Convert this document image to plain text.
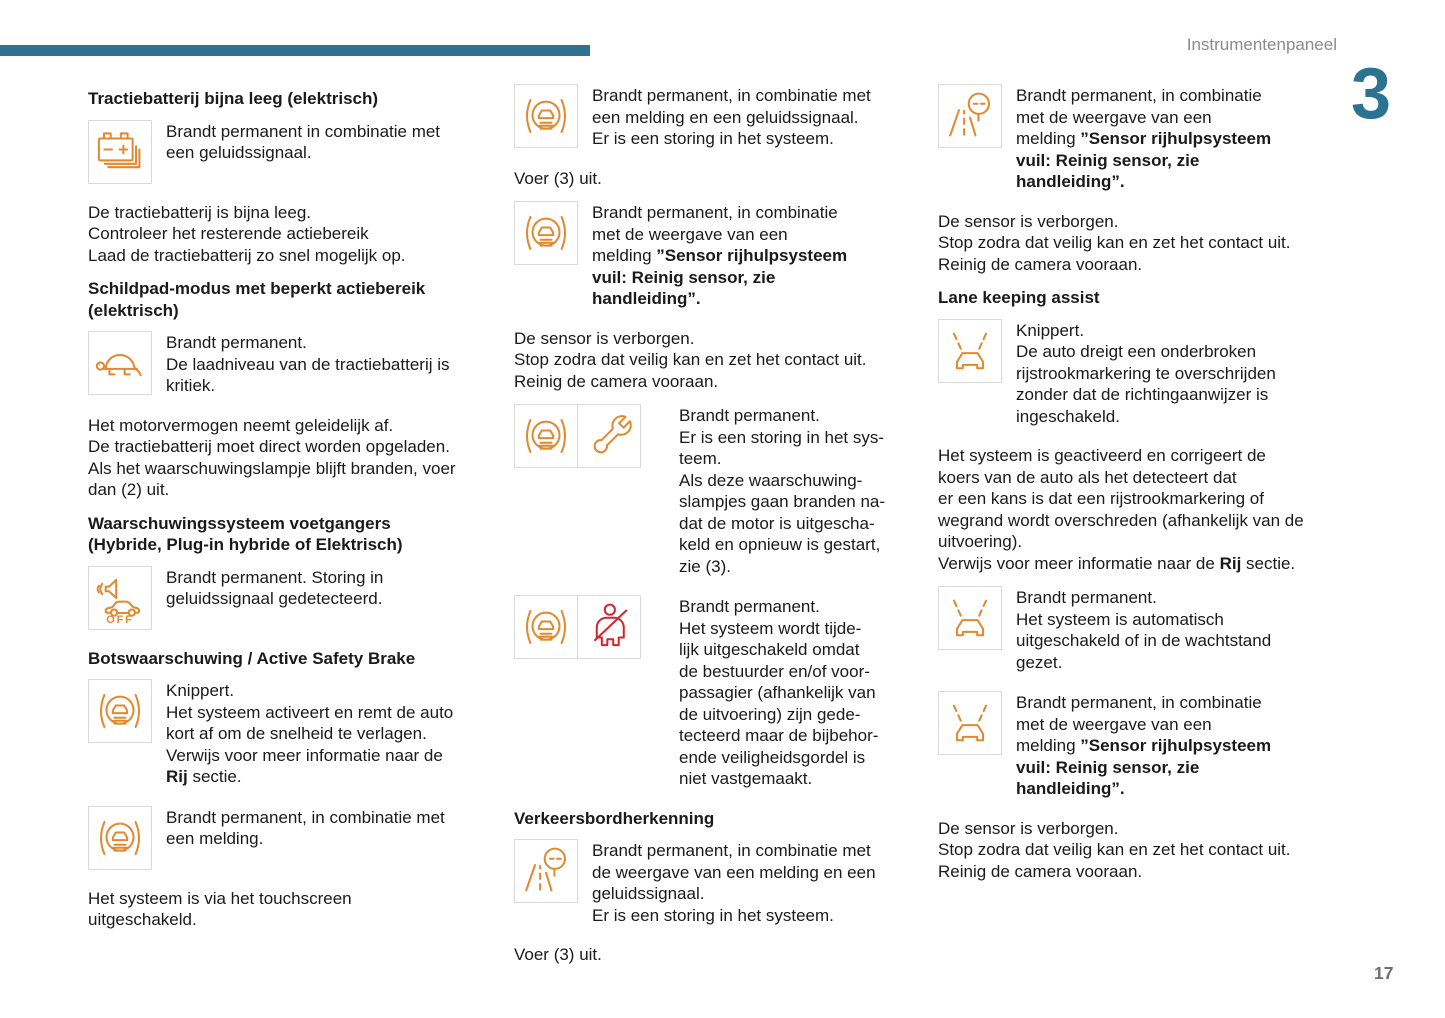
Instrumentenpaneel
3
Tractiebatterij bijna leeg (elektrisch)
Brandt permanent in combinatie met
een geluidssignaal.
De tractiebatterij is bijna leeg.
Controleer het resterende actiebereik
Laad de tractiebatterij zo snel mogelijk op.
Schildpad-modus met beperkt actiebereik
(elektrisch)
Brandt permanent.
De laadniveau van de tractiebatterij is
kritiek.
Het motorvermogen neemt geleidelijk af.
De tractiebatterij moet direct worden opgeladen.
Als het waarschuwingslampje blijft branden, voer
dan (2) uit.
Waarschuwingssysteem voetgangers
(Hybride, Plug-in hybride of Elektrisch)
OFF
Brandt permanent. Storing in
geluidssignaal gedetecteerd.
Botswaarschuwing / Active Safety Brake
Knippert.
Het systeem activeert en remt de auto
kort af om de snelheid te verlagen.
Verwijs voor meer informatie naar de
Rij sectie.
Brandt permanent, in combinatie met
een melding.
Het systeem is via het touchscreen
uitgeschakeld.
Brandt permanent, in combinatie met
een melding en een geluidssignaal.
Er is een storing in het systeem.
Voer (3) uit.
Brandt permanent, in combinatie
met de weergave van een
melding ”Sensor rijhulpsysteem
vuil: Reinig sensor, zie
handleiding”.
De sensor is verborgen.
Stop zodra dat veilig kan en zet het contact uit.
Reinig de camera vooraan.
Brandt permanent.
Er is een storing in het sys-
teem.
Als deze waarschuwing-
slampjes gaan branden na-
dat de motor is uitgescha-
keld en opnieuw is gestart,
zie (3).
Brandt permanent.
Het systeem wordt tijde-
lijk uitgeschakeld omdat
de bestuurder en/of voor-
passagier (afhankelijk van
de uitvoering) zijn gede-
tecteerd maar de bijbehor-
ende veiligheidsgordel is
niet vastgemaakt.
Verkeersbordherkenning
Brandt permanent, in combinatie met
de weergave van een melding en een
geluidssignaal.
Er is een storing in het systeem.
Voer (3) uit.
Brandt permanent, in combinatie
met de weergave van een
melding ”Sensor rijhulpsysteem
vuil: Reinig sensor, zie
handleiding”.
De sensor is verborgen.
Stop zodra dat veilig kan en zet het contact uit.
Reinig de camera vooraan.
Lane keeping assist
Knippert.
De auto dreigt een onderbroken
rijstrookmarkering te overschrijden
zonder dat de richtingaanwijzer is
ingeschakeld.
Het systeem is geactiveerd en corrigeert de
koers van de auto als het detecteert dat
er een kans is dat een rijstrookmarkering of
wegrand wordt overschreden (afhankelijk van de
uitvoering).
Verwijs voor meer informatie naar de Rij sectie.
Brandt permanent.
Het systeem is automatisch
uitgeschakeld of in de wachtstand
gezet.
Brandt permanent, in combinatie
met de weergave van een
melding ”Sensor rijhulpsysteem
vuil: Reinig sensor, zie
handleiding”.
De sensor is verborgen.
Stop zodra dat veilig kan en zet het contact uit.
Reinig de camera vooraan.
17
